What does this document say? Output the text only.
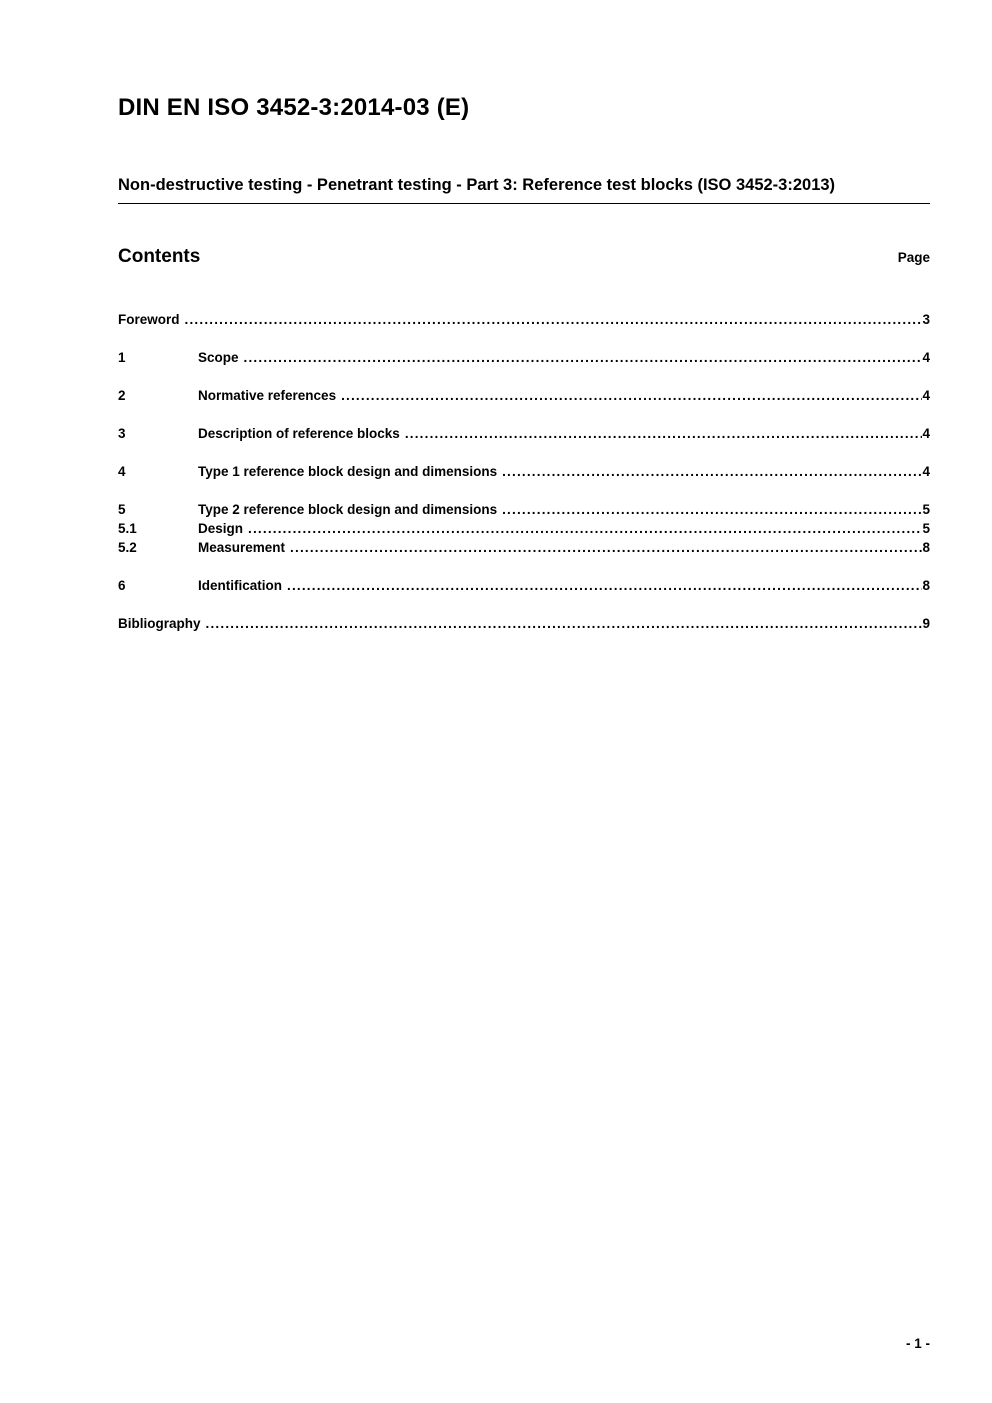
DIN EN ISO 3452-3:2014-03 (E)
Non-destructive testing - Penetrant testing - Part 3: Reference test blocks (ISO 3452-3:2013)
Contents	Page
Foreword .....	3
1	Scope .....	4
2	Normative references .....	4
3	Description of reference blocks .....	4
4	Type 1 reference block design and dimensions .....	4
5	Type 2 reference block design and dimensions .....	5
5.1	Design .....	5
5.2	Measurement .....	8
6	Identification .....	8
Bibliography .....	9
- 1 -
